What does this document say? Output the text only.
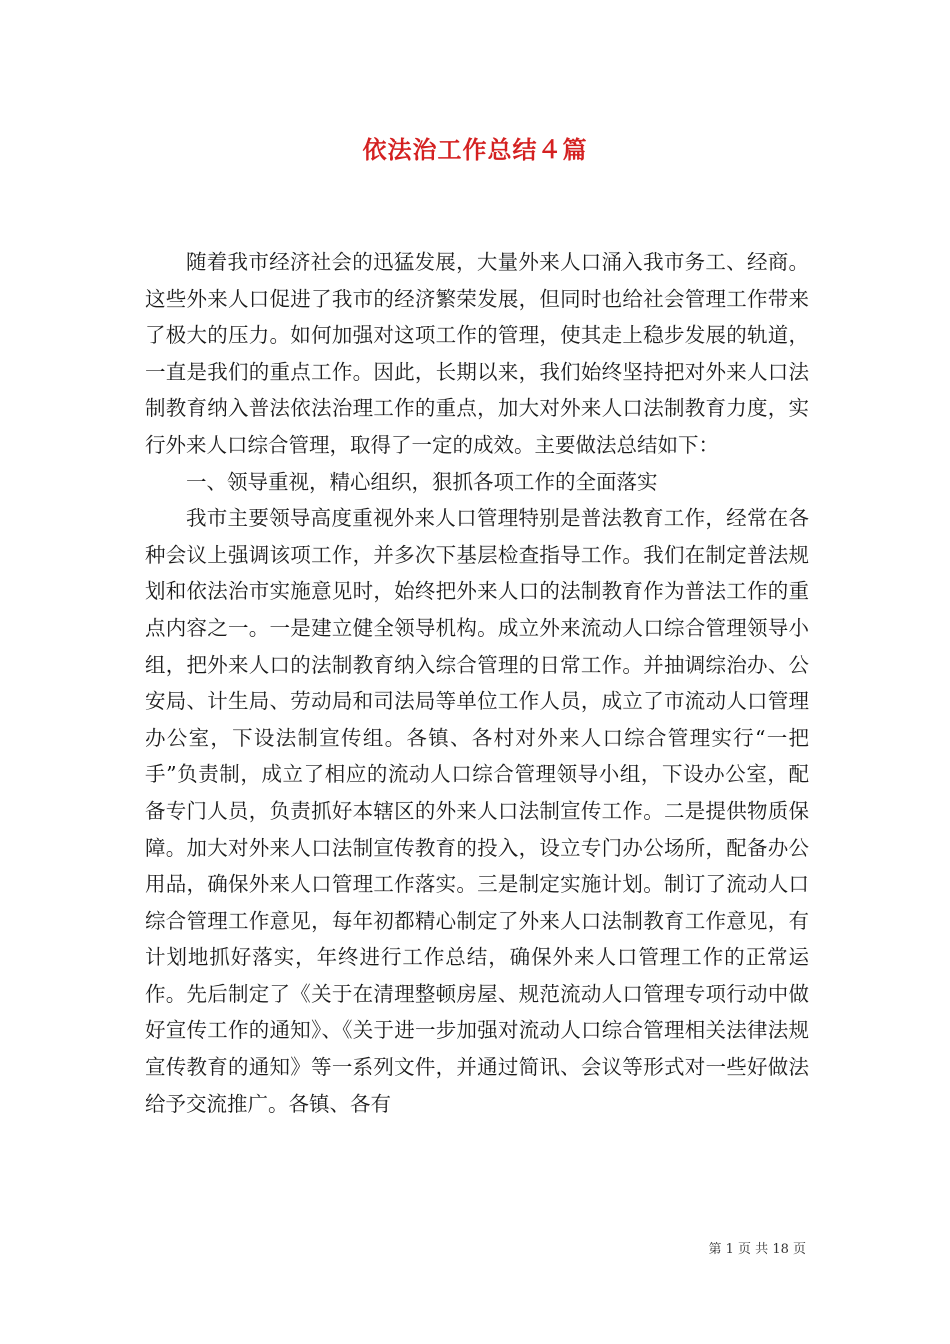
依法治工作总结４篇

随着我市经济社会的迅猛发展，大量外来人口涌入我市务工、经商。这些外来人口促进了我市的经济繁荣发展，但同时也给社会管理工作带来了极大的压力。如何加强对这项工作的管理，使其走上稳步发展的轨道，一直是我们的重点工作。因此，长期以来，我们始终坚持把对外来人口法制教育纳入普法依法治理工作的重点，加大对外来人口法制教育力度，实行外来人口综合管理，取得了一定的成效。主要做法总结如下：

一、领导重视，精心组织，狠抓各项工作的全面落实

我市主要领导高度重视外来人口管理特别是普法教育工作，经常在各种会议上强调该项工作，并多次下基层检查指导工作。我们在制定普法规划和依法治市实施意见时，始终把外来人口的法制教育作为普法工作的重点内容之一。一是建立健全领导机构。成立外来流动人口综合管理领导小组，把外来人口的法制教育纳入综合管理的日常工作。并抽调综治办、公安局、计生局、劳动局和司法局等单位工作人员，成立了市流动人口管理办公室，下设法制宣传组。各镇、各村对外来人口综合管理实行“一把手”负责制，成立了相应的流动人口综合管理领导小组，下设办公室，配备专门人员，负责抓好本辖区的外来人口法制宣传工作。二是提供物质保障。加大对外来人口法制宣传教育的投入，设立专门办公场所，配备办公用品，确保外来人口管理工作落实。三是制定实施计划。制订了流动人口综合管理工作意见，每年初都精心制定了外来人口法制教育工作意见，有计划地抓好落实，年终进行工作总结，确保外来人口管理工作的正常运作。先后制定了《关于在清理整顿房屋、规范流动人口管理专项行动中做好宣传工作的通知》、《关于进一步加强对流动人口综合管理相关法律法规宣传教育的通知》等一系列文件，并通过简讯、会议等形式对一些好做法给予交流推广。各镇、各有

第 1 页 共 18 页
